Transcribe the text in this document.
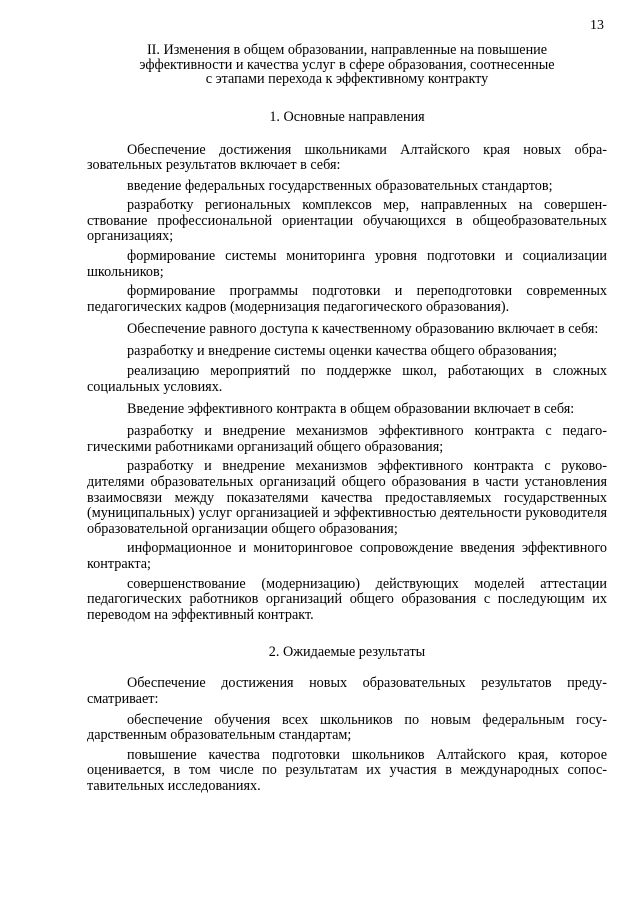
13
II. Изменения в общем образовании, направленные на повышение
эффективности и качества услуг в сфере образования, соотнесенные
с этапами перехода к эффективному контракту
1. Основные направления

Обеспечение достижения школьниками Алтайского края новых образовательных результатов включает в себя:

введение федеральных государственных образовательных стандартов;

разработку региональных комплексов мер, направленных на совершенствование профессиональной ориентации обучающихся в общеобразовательных организациях;

формирование системы мониторинга уровня подготовки и социализации школьников;

формирование программы подготовки и переподготовки современных педагогических кадров (модернизация педагогического образования).

Обеспечение равного доступа к качественному образованию включает в себя:

разработку и внедрение системы оценки качества общего образования;

реализацию мероприятий по поддержке школ, работающих в сложных социальных условиях.

Введение эффективного контракта в общем образовании включает в себя:

разработку и внедрение механизмов эффективного контракта с педагогическими работниками организаций общего образования;

разработку и внедрение механизмов эффективного контракта с руководителями образовательных организаций общего образования в части установления взаимосвязи между показателями качества предоставляемых государственных (муниципальных) услуг организацией и эффективностью деятельности руководителя образовательной организации общего образования;

информационное и мониторинговое сопровождение введения эффективного контракта;

совершенствование (модернизацию) действующих моделей аттестации педагогических работников организаций общего образования с последующим их переводом на эффективный контракт.

2. Ожидаемые результаты

Обеспечение достижения новых образовательных результатов предусматривает:

обеспечение обучения всех школьников по новым федеральным государственным образовательным стандартам;

повышение качества подготовки школьников Алтайского края, которое оценивается, в том числе по результатам их участия в международных сопоставительных исследованиях.
